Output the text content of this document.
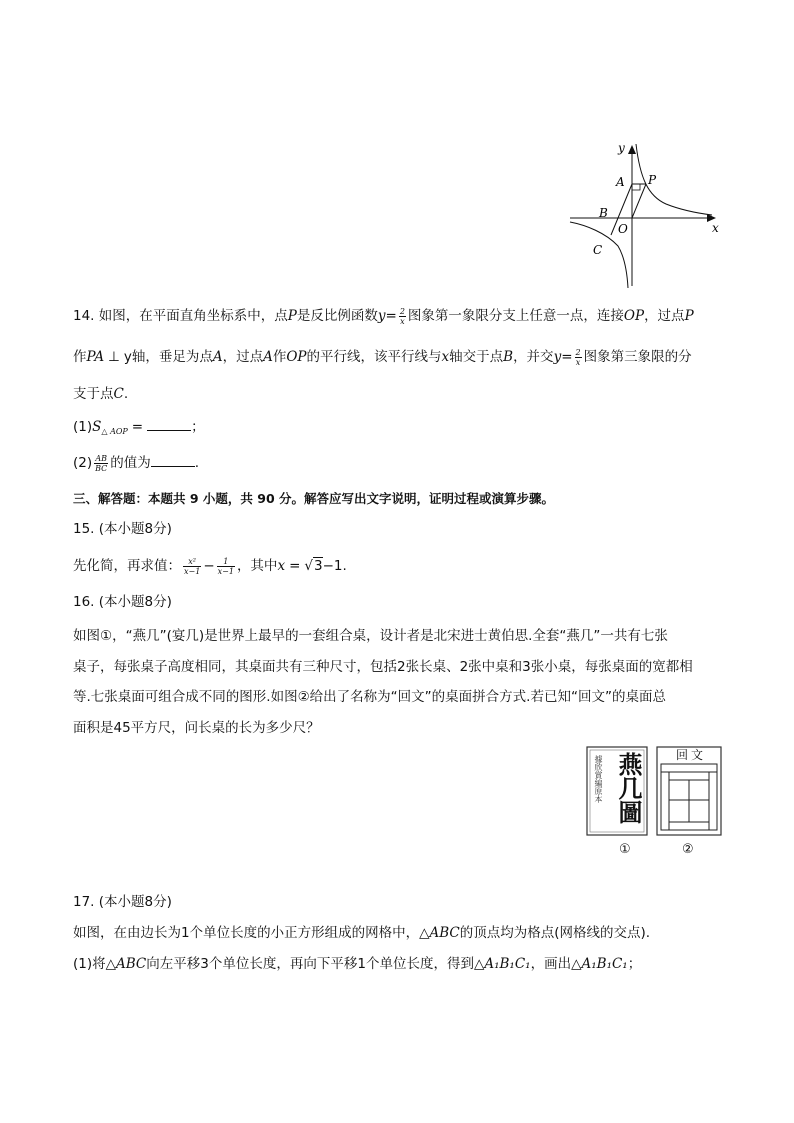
y
x
A P
B
O
C
14. 如图，在平面直角坐标系中，点P是反比例函数$y= \frac{2}{x}$ 图象第一象限分支上任意一点，连接OP，过点P
作PA ⊥ y轴，垂足为点A，过点A作OP的平行线，该平行线与x轴交于点B，并交$y= \frac{2}{x}$ 图象第三象限的分
支于点C.
$(1)S_{\triangle AOP}$ =	；
$(2) \frac{AB}{BC}$ 的值为	.
三、解答题：本题共 9 小题，共 90 分。解答应写出文字说明，证明过程或演算步骤。
15. (本小题8分)
先化简，再求值： $\frac{\text{x²}}{x-1} - \frac{1}{x-1}$ ，其中x = √3−1.
16. (本小题8分)
如图①，“燕几”(宴几)是世界上最早的一套组合桌，设计者是北宋进士黄伯思.全套“燕几”一共有七张
桌子，每张桌子高度相同，其桌面共有三种尺寸，包括2张长桌、2张中桌和3张小桌，每张桌面的宽都相
等.七张桌面可组合成不同的图形.如图②给出了名称为“回文”的桌面拼合方式.若已知“回文”的桌面总
面积是45平方尺，问长桌的长为多少尺？
據欣賞編原本 燕几圖	回文
①	②
17. (本小题8分)
如图，在由边长为1个单位长度的小正方形组成的网格中，△ABC的顶点均为格点(网格线的交点).
(1)将△ABC向左平移3个单位长度，再向下平移1个单位长度，得到△A₁B₁C₁，画出△A₁B₁C₁；
